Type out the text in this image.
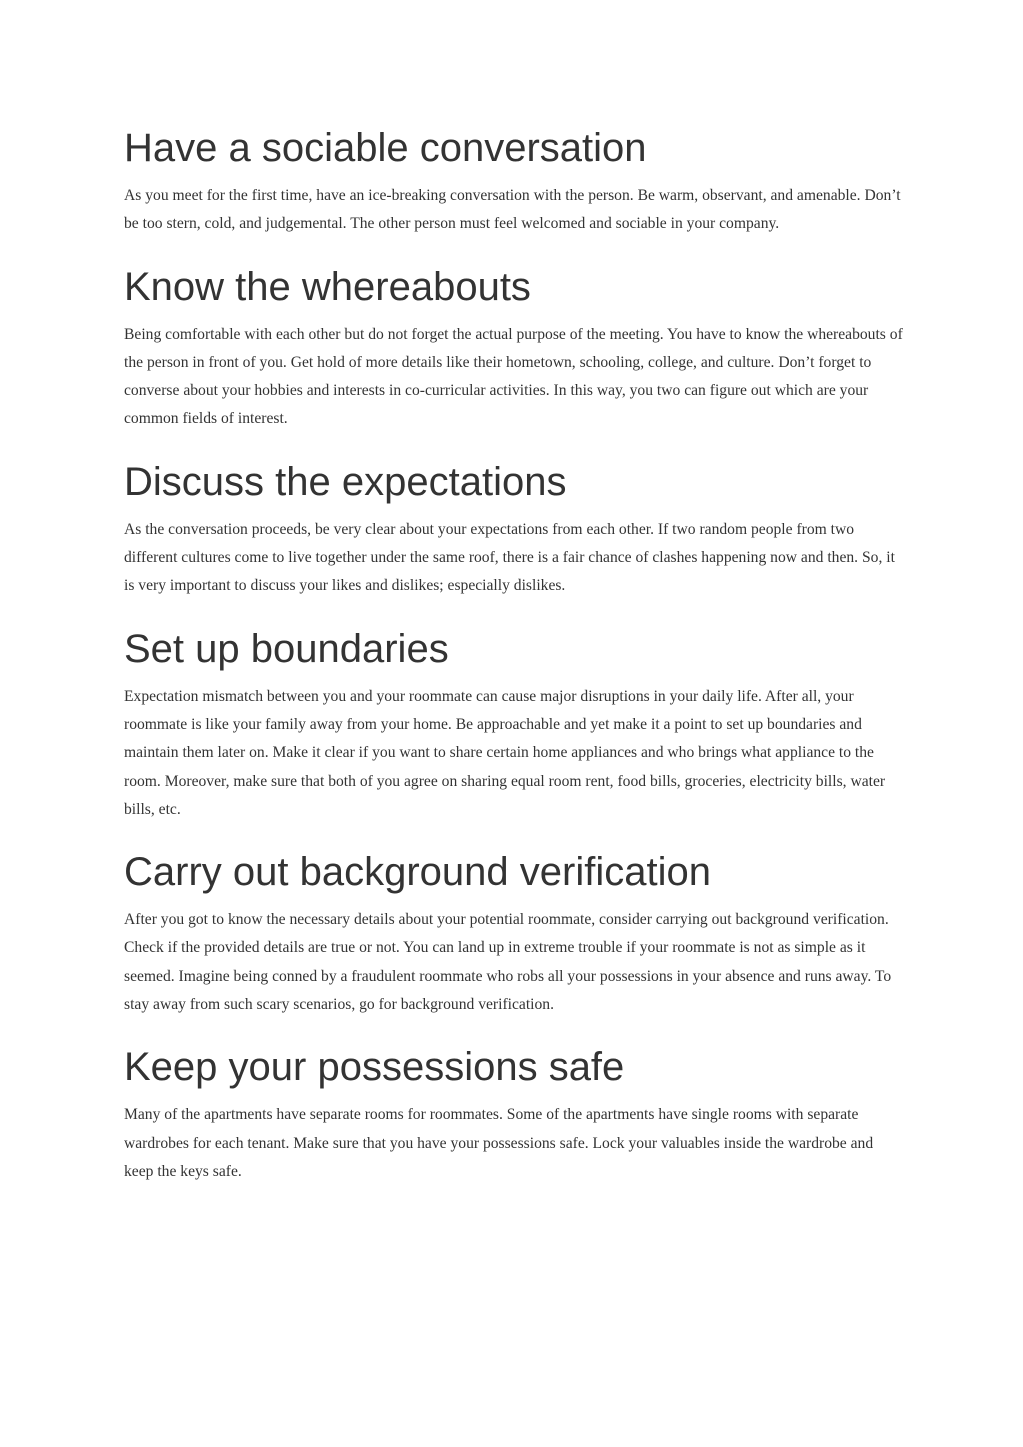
Have a sociable conversation

As you meet for the first time, have an ice-breaking conversation with the person. Be warm, observant, and amenable. Don’t be too stern, cold, and judgemental. The other person must feel welcomed and sociable in your company.

Know the whereabouts

Being comfortable with each other but do not forget the actual purpose of the meeting. You have to know the whereabouts of the person in front of you. Get hold of more details like their hometown, schooling, college, and culture. Don’t forget to converse about your hobbies and interests in co-curricular activities. In this way, you two can figure out which are your common fields of interest.

Discuss the expectations

As the conversation proceeds, be very clear about your expectations from each other. If two random people from two different cultures come to live together under the same roof, there is a fair chance of clashes happening now and then. So, it is very important to discuss your likes and dislikes; especially dislikes.

Set up boundaries

Expectation mismatch between you and your roommate can cause major disruptions in your daily life. After all, your roommate is like your family away from your home. Be approachable and yet make it a point to set up boundaries and maintain them later on. Make it clear if you want to share certain home appliances and who brings what appliance to the room. Moreover, make sure that both of you agree on sharing equal room rent, food bills, groceries, electricity bills, water bills, etc.

Carry out background verification

After you got to know the necessary details about your potential roommate, consider carrying out background verification. Check if the provided details are true or not. You can land up in extreme trouble if your roommate is not as simple as it seemed. Imagine being conned by a fraudulent roommate who robs all your possessions in your absence and runs away. To stay away from such scary scenarios, go for background verification.

Keep your possessions safe

Many of the apartments have separate rooms for roommates. Some of the apartments have single rooms with separate wardrobes for each tenant. Make sure that you have your possessions safe. Lock your valuables inside the wardrobe and keep the keys safe.
